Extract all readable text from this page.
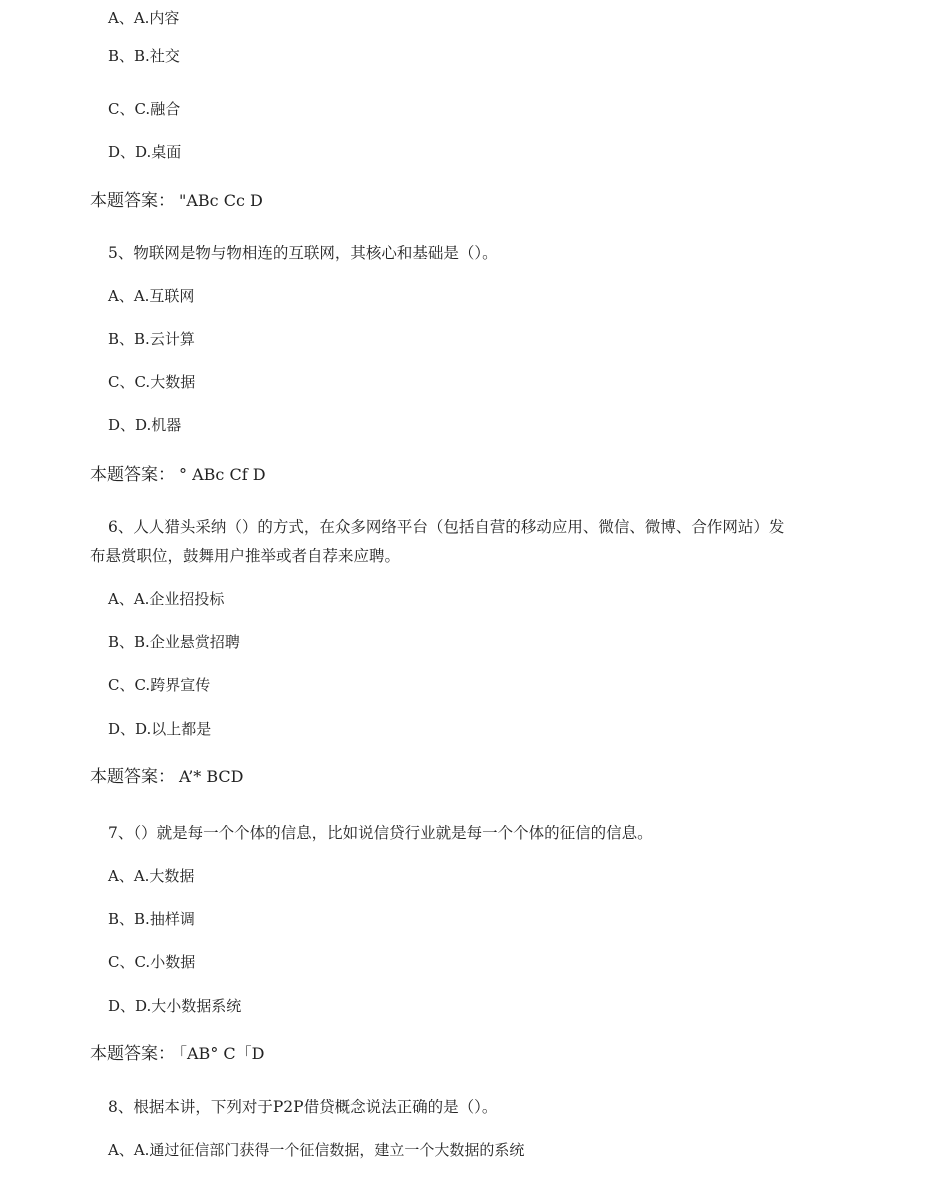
A、A.内容
B、B.社交
C、C.融合
D、D.桌面
本题答案： "ABc Cc D
5、物联网是物与物相连的互联网，其核心和基础是（）。
A、A.互联网
B、B.云计算
C、C.大数据
D、D.机器
本题答案： ° ABc Cf D
6、人人猎头采纳（）的方式，在众多网络平台（包括自营的移动应用、微信、微博、合作网站）发
布悬赏职位，鼓舞用户推举或者自荐来应聘。
A、A.企业招投标
B、B.企业悬赏招聘
C、C.跨界宣传
D、D.以上都是
本题答案： A’* BCD
7、（）就是每一个个体的信息，比如说信贷行业就是每一个个体的征信的信息。
A、A.大数据
B、B.抽样调
C、C.小数据
D、D.大小数据系统
本题答案： 「AB° C「D
8、根据本讲，下列对于P2P借贷概念说法正确的是（）。
A、A.通过征信部门获得一个征信数据，建立一个大数据的系统
